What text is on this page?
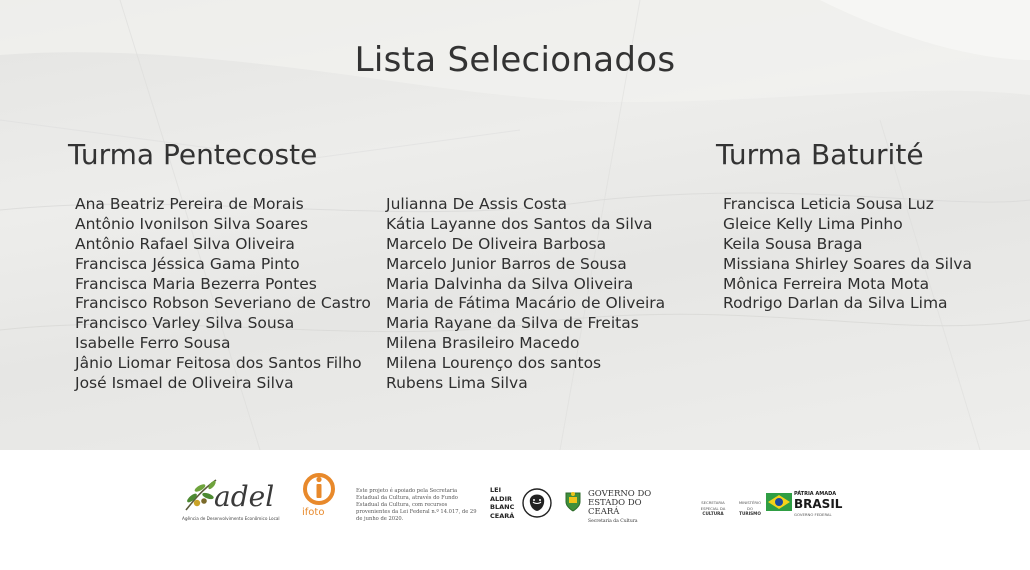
Lista Selecionados
Turma Pentecoste	Turma Baturité
Ana Beatriz Pereira de Morais
Antônio Ivonilson Silva Soares
Antônio Rafael Silva Oliveira
Francisca Jéssica Gama Pinto
Francisca Maria Bezerra Pontes
Francisco Robson Severiano de Castro
Francisco Varley Silva Sousa
Isabelle Ferro Sousa
Jânio Liomar Feitosa dos Santos Filho
José Ismael de Oliveira Silva
Julianna De Assis Costa
Kátia Layanne dos Santos da Silva
Marcelo De Oliveira Barbosa
Marcelo Junior Barros de Sousa
Maria Dalvinha da Silva Oliveira
Maria de Fátima Macário de Oliveira
Maria Rayane da Silva de Freitas
Milena Brasileiro Macedo
Milena Lourenço dos santos
Rubens Lima Silva
Francisca Leticia Sousa Luz
Gleice Kelly Lima Pinho
Keila Sousa Braga
Missiana Shirley Soares da Silva
Mônica Ferreira Mota Mota
Rodrigo Darlan da Silva Lima
adel
Agência de Desenvolvimento Econômico Local
ifoto
Este projeto é apoiado pela Secretaria Estadual da Cultura, através do Fundo Estadual da Cultura, com recursos provenientes da Lei Federal n.º 14.017, de 29 de junho de 2020.
LEI
ALDIR
BLANC
CEARÁ
GOVERNO DO
ESTADO DO CEARÁ
Secretaria da Cultura
SECRETARIA ESPECIAL DA
CULTURA
MINISTÉRIO DO
TURISMO
PÁTRIA AMADA
BRASIL
GOVERNO FEDERAL
